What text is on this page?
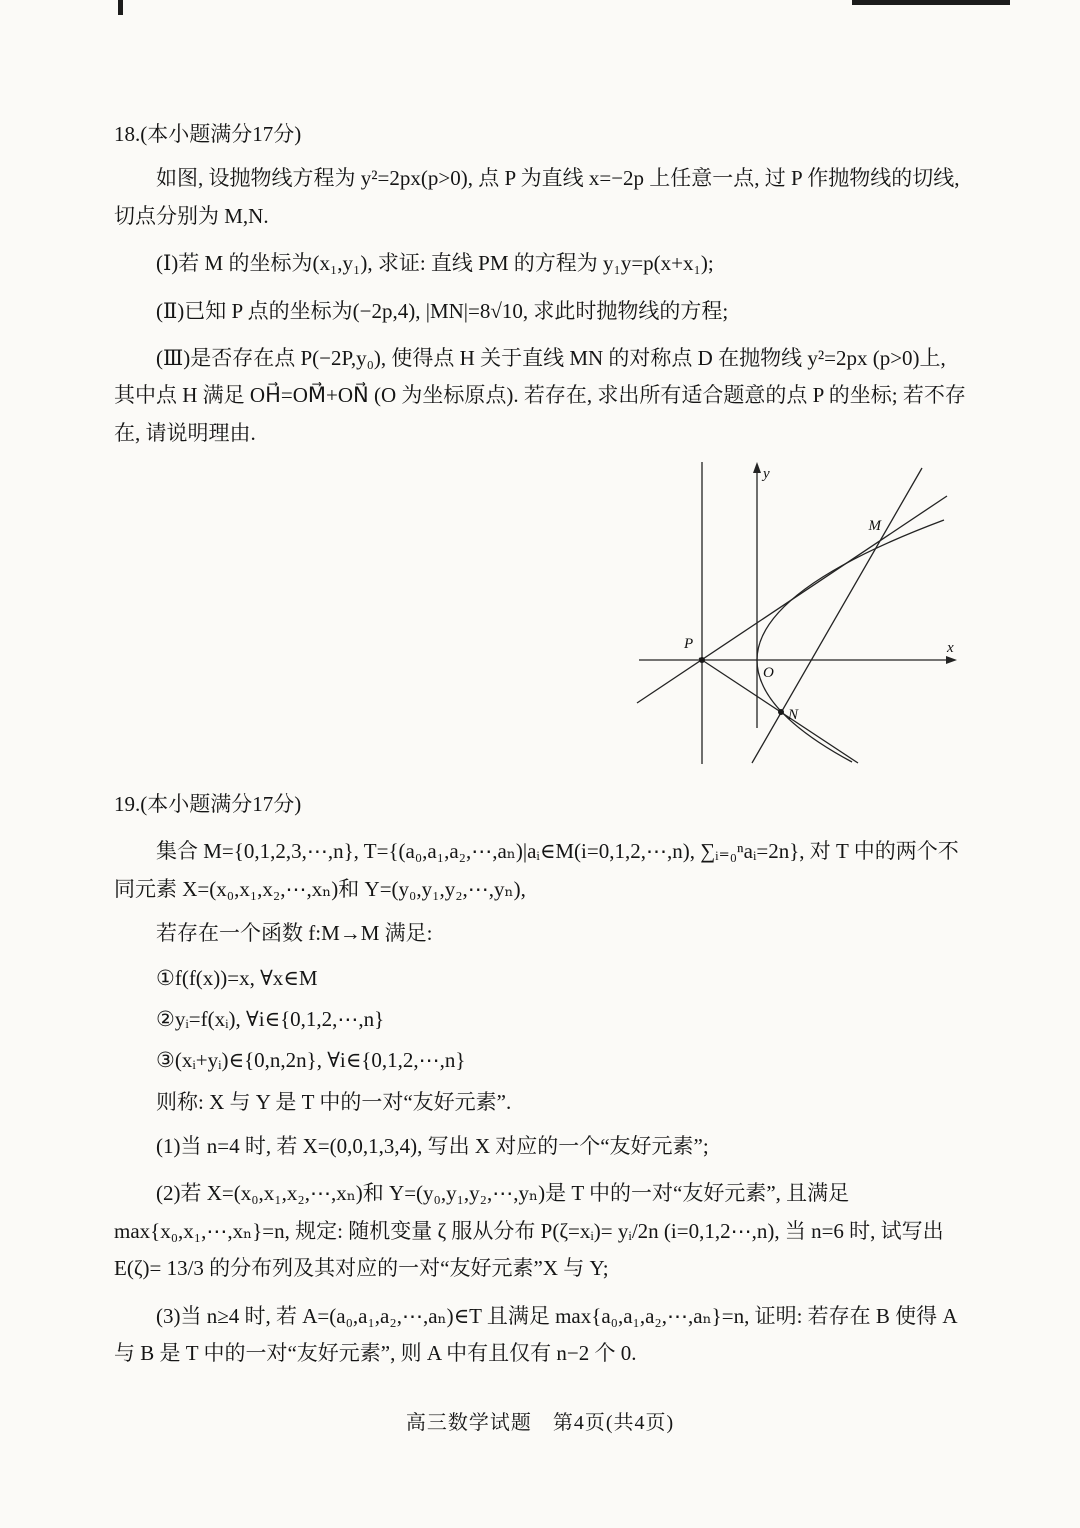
18.(本小题满分17分)

如图, 设抛物线方程为 y²=2px(p>0), 点 P 为直线 x=−2p 上任意一点, 过 P 作抛物线的切线, 切点分别为 M,N.

(Ⅰ)若 M 的坐标为(x₁,y₁), 求证: 直线 PM 的方程为 y₁y=p(x+x₁);

(Ⅱ)已知 P 点的坐标为(−2p,4), |MN|=8√10, 求此时抛物线的方程;

(Ⅲ)是否存在点 P(−2P,y₀), 使得点 H 关于直线 MN 的对称点 D 在抛物线 y²=2px (p>0)上, 其中点 H 满足 OH⃗=OM⃗+ON⃗ (O 为坐标原点). 若存在, 求出所有适合题意的点 P 的坐标; 若不存在, 请说明理由.

y
x
M
P
O
N

19.(本小题满分17分)

集合 M={0,1,2,3,⋯,n}, T={(a₀,a₁,a₂,⋯,aₙ)|aᵢ∈M(i=0,1,2,⋯,n), ∑ᵢ₌₀ⁿaᵢ=2n}, 对 T 中的两个不同元素 X=(x₀,x₁,x₂,⋯,xₙ)和 Y=(y₀,y₁,y₂,⋯,yₙ),

若存在一个函数 f:M→M 满足:

①f(f(x))=x, ∀x∈M

②yᵢ=f(xᵢ), ∀i∈{0,1,2,⋯,n}

③(xᵢ+yᵢ)∈{0,n,2n}, ∀i∈{0,1,2,⋯,n}

则称: X 与 Y 是 T 中的一对“友好元素”.

(1)当 n=4 时, 若 X=(0,0,1,3,4), 写出 X 对应的一个“友好元素”;

(2)若 X=(x₀,x₁,x₂,⋯,xₙ)和 Y=(y₀,y₁,y₂,⋯,yₙ)是 T 中的一对“友好元素”, 且满足 max{x₀,x₁,⋯,xₙ}=n, 规定: 随机变量 ζ 服从分布 P(ζ=xᵢ)= yᵢ/2n (i=0,1,2⋯,n), 当 n=6 时, 试写出 E(ζ)= 13/3 的分布列及其对应的一对“友好元素”X 与 Y;

(3)当 n≥4 时, 若 A=(a₀,a₁,a₂,⋯,aₙ)∈T 且满足 max{a₀,a₁,a₂,⋯,aₙ}=n, 证明: 若存在 B 使得 A 与 B 是 T 中的一对“友好元素”, 则 A 中有且仅有 n−2 个 0.

高三数学试题　第4页(共4页)
